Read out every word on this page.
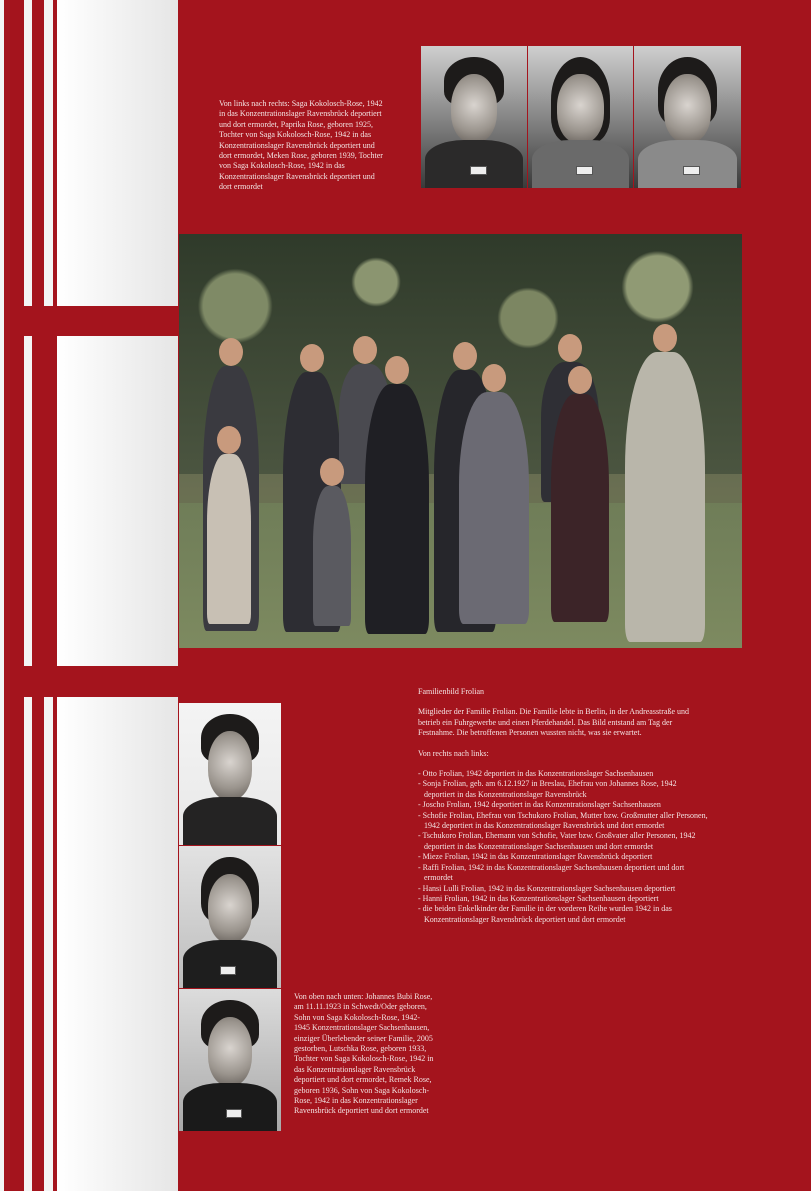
Von links nach rechts: Saga Kokolosch-Rose, 1942 in das Konzentrationslager Ravensbrück deportiert und dort ermordet, Paprika Rose, geboren 1925, Tochter von Saga Kokolosch-Rose, 1942 in das Konzentrationslager Ravensbrück deportiert und dort ermordet, Meken Rose, geboren 1939, Tochter von Saga Kokolosch-Rose, 1942 in das Konzentrationslager Ravensbrück deportiert und dort ermordet

Familienbild Frolian

Mitglieder der Familie Frolian. Die Familie lebte in Berlin, in der Andreasstraße und betrieb ein Fuhrgewerbe und einen Pferdehandel. Das Bild entstand am Tag der Festnahme. Die betroffenen Personen wussten nicht, was sie erwartet.

Von rechts nach links:

- Otto Frolian, 1942 deportiert in das Konzentrationslager Sachsenhausen
- Sonja Frolian, geb. am 6.12.1927 in Breslau, Ehefrau von Johannes Rose, 1942 deportiert in das Konzentrationslager Ravensbrück
- Joscho Frolian, 1942 deportiert in das Konzentrationslager Sachsenhausen
- Schofie Frolian, Ehefrau von Tschukoro Frolian, Mutter bzw. Großmutter aller Personen, 1942 deportiert in das Konzentrationslager Ravensbrück und dort ermordet
- Tschukoro Frolian, Ehemann von Schofie, Vater bzw. Großvater aller Personen, 1942 deportiert in das Konzentrationslager Sachsenhausen und dort ermordet
- Mieze Frolian, 1942 in das Konzentrationslager Ravensbrück deportiert
- Raffi Frolian, 1942 in das Konzentrationslager Sachsenhausen deportiert und dort ermordet
- Hansi Lulli Frolian, 1942 in das Konzentrationslager Sachsenhausen deportiert
- Hanni Frolian, 1942 in das Konzentrationslager Sachsenhausen deportiert
- die beiden Enkelkinder der Familie in der vorderen Reihe wurden 1942 in das Konzentrationslager Ravensbrück deportiert und dort ermordet

Von oben nach unten: Johannes Bubi Rose, am 11.11.1923 in Schwedt/Oder geboren, Sohn von Saga Kokolosch-Rose, 1942-1945 Konzentrationslager Sachsenhausen, einziger Überlebender seiner Familie, 2005 gestorben, Lutschka Rose, geboren 1933, Tochter von Saga Kokolosch-Rose, 1942 in das Konzentrationslager Ravensbrück deportiert und dort ermordet, Remek Rose, geboren 1936, Sohn von Saga Kokolosch-Rose, 1942 in das Konzentrationslager Ravensbrück deportiert und dort ermordet
